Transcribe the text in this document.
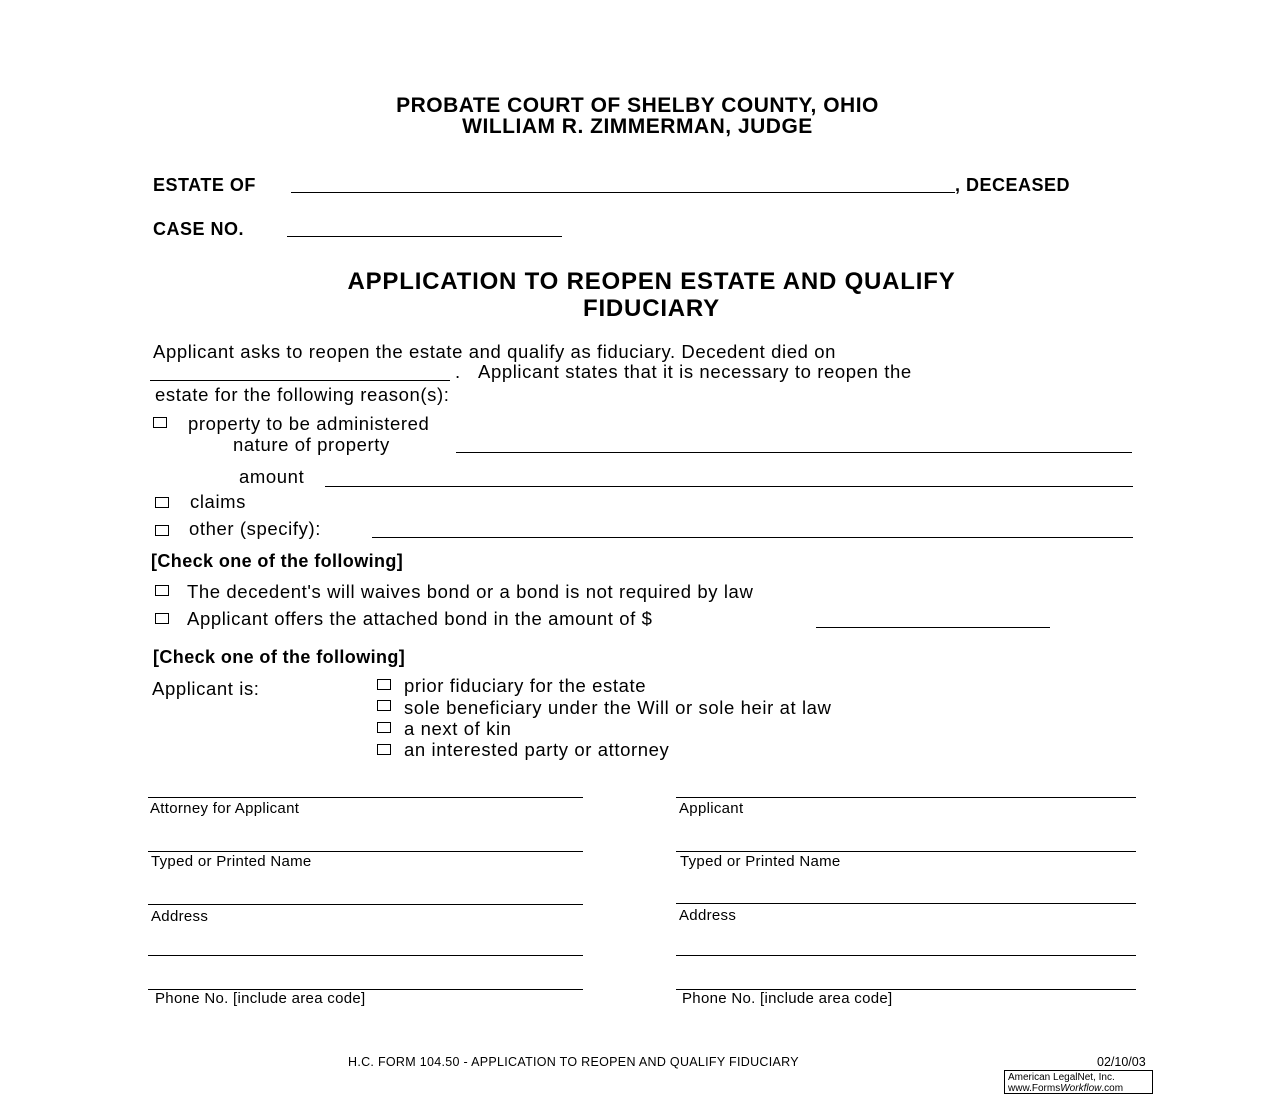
PROBATE COURT OF SHELBY COUNTY, OHIO
WILLIAM R. ZIMMERMAN, JUDGE
ESTATE OF	, DECEASED
CASE NO.
APPLICATION TO REOPEN ESTATE AND QUALIFY
FIDUCIARY
Applicant asks to reopen the estate and qualify as fiduciary. Decedent died on
. Applicant states that it is necessary to reopen the
estate for the following reason(s):
property to be administered
nature of property
amount
claims
other (specify):
[Check one of the following]
The decedent's will waives bond or a bond is not required by law
Applicant offers the attached bond in the amount of $
[Check one of the following]
Applicant is:	prior fiduciary for the estate
sole beneficiary under the Will or sole heir at law
a next of kin
an interested party or attorney
Attorney for Applicant
Typed or Printed Name
Address
Phone No. [include area code]
Applicant
Typed or Printed Name
Address
Phone No. [include area code]
H.C. FORM 104.50 - APPLICATION TO REOPEN AND QUALIFY FIDUCIARY	02/10/03
American LegalNet, Inc.
www.FormsWorkflow.com
